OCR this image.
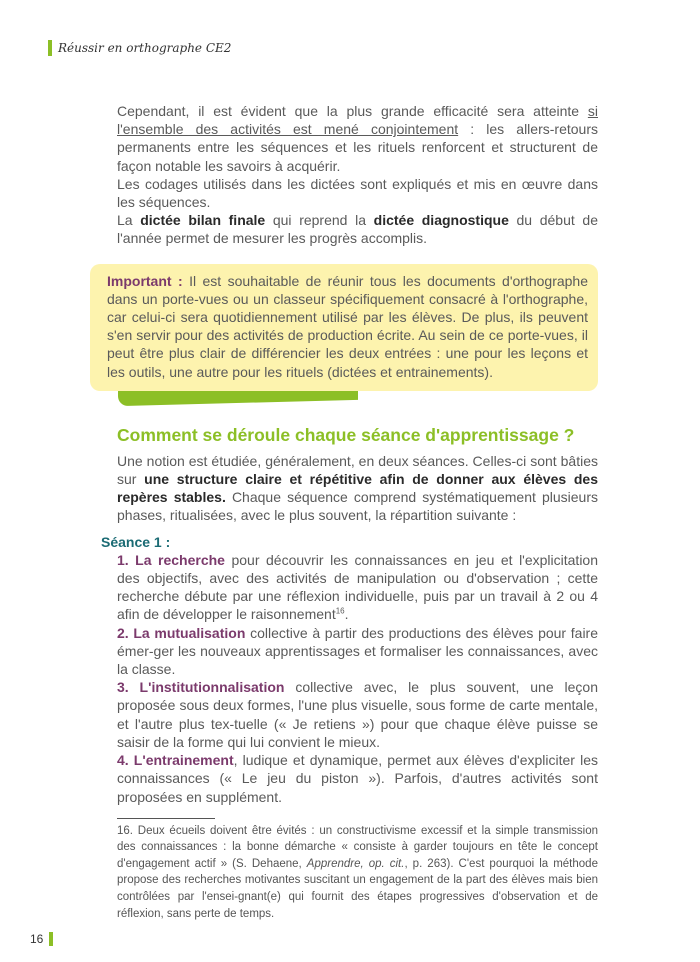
Réussir en orthographe CE2

Cependant, il est évident que la plus grande efficacité sera atteinte si l'ensemble des activités est mené conjointement : les allers-retours permanents entre les séquences et les rituels renforcent et structurent de façon notable les savoirs à acquérir.

Les codages utilisés dans les dictées sont expliqués et mis en œuvre dans les séquences.

La dictée bilan finale qui reprend la dictée diagnostique du début de l'année permet de mesurer les progrès accomplis.

Important : Il est souhaitable de réunir tous les documents d'orthographe dans un porte-vues ou un classeur spécifiquement consacré à l'orthographe, car celui-ci sera quotidiennement utilisé par les élèves. De plus, ils peuvent s'en servir pour des activités de production écrite. Au sein de ce porte-vues, il peut être plus clair de différencier les deux entrées : une pour les leçons et les outils, une autre pour les rituels (dictées et entrainements).
Comment se déroule chaque séance d'apprentissage ?

Une notion est étudiée, généralement, en deux séances. Celles-ci sont bâties sur une structure claire et répétitive afin de donner aux élèves des repères stables. Chaque séquence comprend systématiquement plusieurs phases, ritualisées, avec le plus souvent, la répartition suivante :

Séance 1 :

1. La recherche pour découvrir les connaissances en jeu et l'explicitation des objectifs, avec des activités de manipulation ou d'observation ; cette recherche débute par une réflexion individuelle, puis par un travail à 2 ou 4 afin de développer le raisonnement$^{16}$.

2. La mutualisation collective à partir des productions des élèves pour faire émer-ger les nouveaux apprentissages et formaliser les connaissances, avec la classe.

3. L'institutionnalisation collective avec, le plus souvent, une leçon proposée sous deux formes, l'une plus visuelle, sous forme de carte mentale, et l'autre plus tex-tuelle (« Je retiens ») pour que chaque élève puisse se saisir de la forme qui lui convient le mieux.

4. L'entrainement, ludique et dynamique, permet aux élèves d'expliciter les connaissances (« Le jeu du piston »). Parfois, d'autres activités sont proposées en supplément.

16. Deux écueils doivent être évités : un constructivisme excessif et la simple transmission des connaissances : la bonne démarche « consiste à garder toujours en tête le concept d'engagement actif » (S. Dehaene, Apprendre, op. cit., p. 263). C'est pourquoi la méthode propose des recherches motivantes suscitant un engagement de la part des élèves mais bien contrôlées par l'ensei-gnant(e) qui fournit des étapes progressives d'observation et de réflexion, sans perte de temps.
16
